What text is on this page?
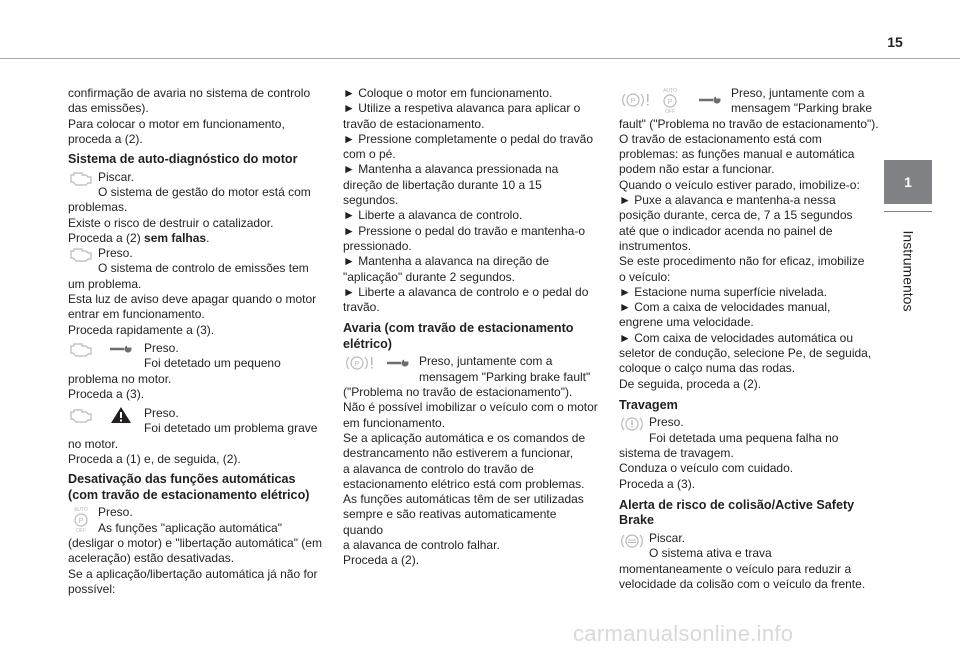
15
1
Instrumentos

confirmação de avaria no sistema de controlo

das emissões).

Para colocar o motor em funcionamento,

proceda a (2).

Sistema de auto-diagnóstico do motor

Piscar.

O sistema de gestão do motor está com

problemas.

Existe o risco de destruir o catalizador.

Proceda a (2) sem falhas.

Preso.

O sistema de controlo de emissões tem

um problema.

Esta luz de aviso deve apagar quando o motor

entrar em funcionamento.

Proceda rapidamente a (3).

Preso.

Foi detetado um pequeno

problema no motor.

Proceda a (3).

Preso.

Foi detetado um problema grave

no motor.

Proceda a (1) e, de seguida, (2).

Desativação das funções automáticas (com travão de estacionamento elétrico)
AUTO
P
OFF

Preso.

As funções "aplicação automática"

(desligar o motor) e "libertação automática" (em

aceleração) estão desativadas.

Se a aplicação/libertação automática já não for

possível:

► Coloque o motor em funcionamento.

► Utilize a respetiva alavanca para aplicar o travão de estacionamento.

► Pressione completamente o pedal do travão com o pé.

► Mantenha a alavanca pressionada na direção de libertação durante 10 a 15 segundos.

► Liberte a alavanca de controlo.

► Pressione o pedal do travão e mantenha-o pressionado.

► Mantenha a alavanca na direção de "aplicação" durante 2 segundos.

► Liberte a alavanca de controlo e o pedal do travão.

Avaria (com travão de estacionamento elétrico)
P	Preso, juntamente com a

mensagem "Parking brake fault"

("Problema no travão de estacionamento").

Não é possível imobilizar o veículo com o motor

em funcionamento.

Se a aplicação automática e os comandos de

destrancamento não estiverem a funcionar,

a alavanca de controlo do travão de

estacionamento elétrico está com problemas.

As funções automáticas têm de ser utilizadas

sempre e são reativas automaticamente quando

a alavanca de controlo falhar.

Proceda a (2).

P
AUTO
P
OFF

Preso, juntamente com a

mensagem "Parking brake

fault" ("Problema no travão de estacionamento").

O travão de estacionamento está com

problemas: as funções manual e automática

podem não estar a funcionar.

Quando o veículo estiver parado, imobilize-o:

► Puxe a alavanca e mantenha-a nessa

posição durante, cerca de, 7 a 15 segundos

até que o indicador acenda no painel de

instrumentos.

Se este procedimento não for eficaz, imobilize

o veículo:

► Estacione numa superfície nivelada.

► Com a caixa de velocidades manual,

engrene uma velocidade.

► Com caixa de velocidades automática ou

seletor de condução, selecione Pe, de seguida,

coloque o calço numa das rodas.

De seguida, proceda a (2).

Travagem

Preso.

Foi detetada uma pequena falha no

sistema de travagem.

Conduza o veículo com cuidado.

Proceda a (3).

Alerta de risco de colisão/Active Safety Brake

Piscar.

O sistema ativa e trava

momentaneamente o veículo para reduzir a

velocidade da colisão com o veículo da frente.

carmanualsonline.info
